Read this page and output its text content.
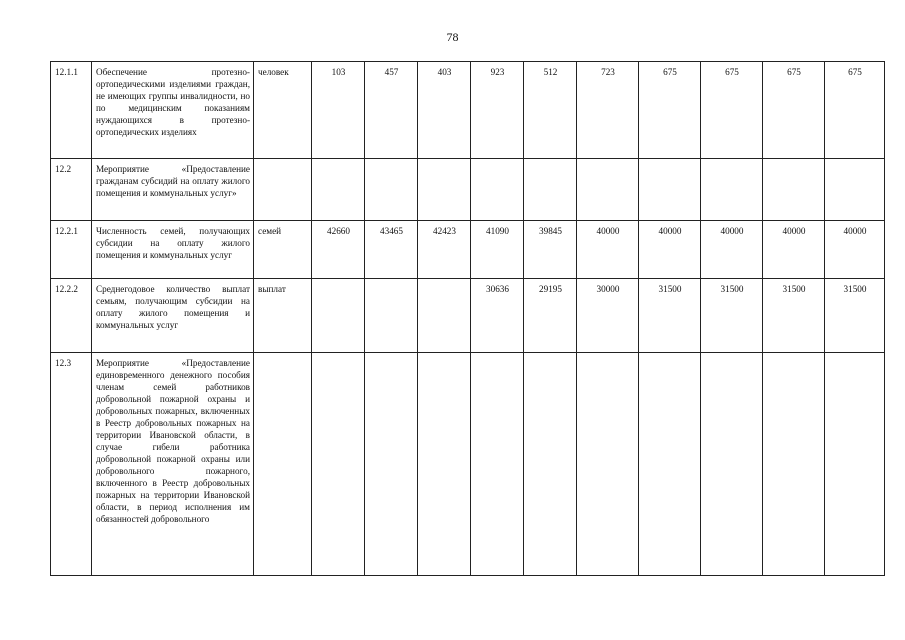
78
12.1.1	Обеспечение протезно-ортопедическими изделиями граждан, не имеющих группы инвалидности, но по медицинским показаниям нуждающихся в протезно-ортопедических изделиях	человек	103	457	403	923	512	723	675	675	675	675
12.2	Мероприятие «Предоставление гражданам субсидий на оплату жилого помещения и коммунальных услуг»											
12.2.1	Численность семей, получающих субсидии на оплату жилого помещения и коммунальных услуг	семей	42660	43465	42423	41090	39845	40000	40000	40000	40000	40000
12.2.2	Среднегодовое количество выплат семьям, получающим субсидии на оплату жилого помещения и коммунальных услуг	выплат				30636	29195	30000	31500	31500	31500	31500
12.3	Мероприятие «Предоставление единовременного денежного пособия членам семей работников добровольной пожарной охраны и добровольных пожарных, включенных в Реестр добровольных пожарных на территории Ивановской области, в случае гибели работника добровольной пожарной охраны или добровольного пожарного, включенного в Реестр добровольных пожарных на территории Ивановской области, в период исполнения им обязанностей добровольного											
